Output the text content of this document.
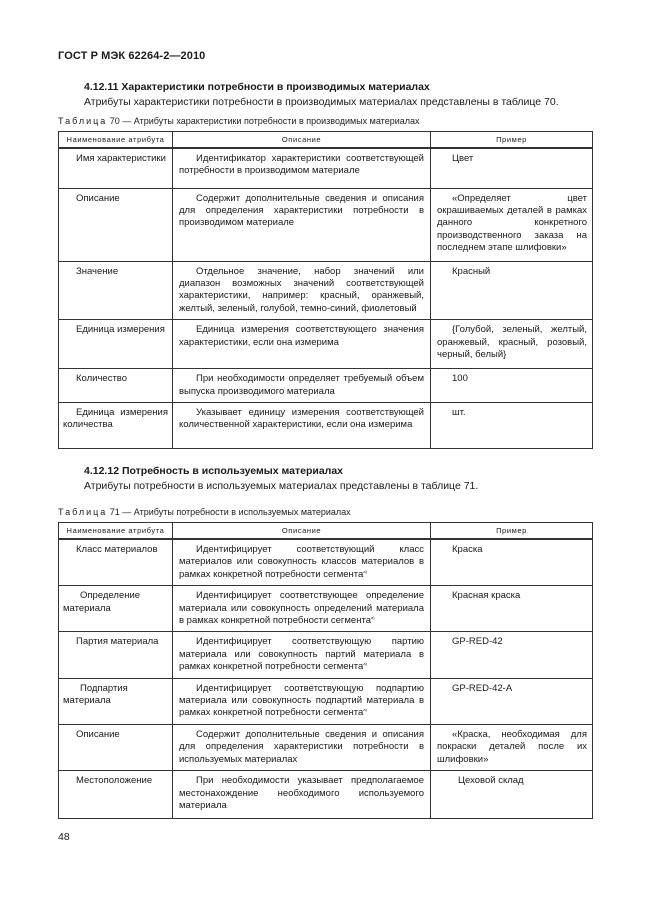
ГОСТ Р МЭК 62264-2—2010
4.12.11 Характеристики потребности в производимых материалах
Атрибуты характеристики потребности в производимых материалах представлены в таблице 70.
Таблица 70 — Атрибуты характеристики потребности в производимых материалах
Наименование атрибута	Описание	Пример
Имя характеристики	Идентификатор характеристики соответствующей потребности в производимом материале	Цвет
Описание	Содержит дополнительные сведения и описания для определения характеристики потребности в производимом материале	«Определяет цвет окрашиваемых деталей в рамках данного конкретного производственного заказа на последнем этапе шлифовки»
Значение	Отдельное значение, набор значений или диапазон возможных значений соответствующей характеристики, например: красный, оранжевый, желтый, зеленый, голубой, темно-синий, фиолетовый	Красный
Единица измерения	Единица измерения соответствующего значения характеристики, если она измерима	{Голубой, зеленый, желтый, оранжевый, красный, розовый, черный, белый}
Количество	При необходимости определяет требуемый объем выпуска производимого материала	100
Единица измерения количества	Указывает единицу измерения соответствующей количественной характеристики, если она измерима	шт.
4.12.12 Потребность в используемых материалах
Атрибуты потребности в используемых материалах представлены в таблице 71.
Таблица 71 — Атрибуты потребности в используемых материалах
Наименование атрибута	Описание	Пример
Класс материалов	Идентифицирует соответствующий класс материалов или совокупность классов материалов в рамках конкретной потребности сегмента$^{а)}$	Краска
Определение материала	Идентифицирует соответствующее определение материала или совокупность определений материала в рамках конкретной потребности сегмента$^{а)}$	Красная краска
Партия материала	Идентифицирует соответствующую партию материала или совокупность партий материала в рамках конкретной потребности сегмента$^{а)}$	GP-RED-42
Подпартия материала	Идентифицирует соответствующую подпартию материала или совокупность подпартий материала в рамках конкретной потребности сегмента$^{а)}$	GP-RED-42-A
Описание	Содержит дополнительные сведения и описания для определения характеристики потребности в используемых материалах	«Краска, необходимая для покраски деталей после их шлифовки»
Местоположение	При необходимости указывает предполагаемое местонахождение необходимого используемого материала	Цеховой склад
48
